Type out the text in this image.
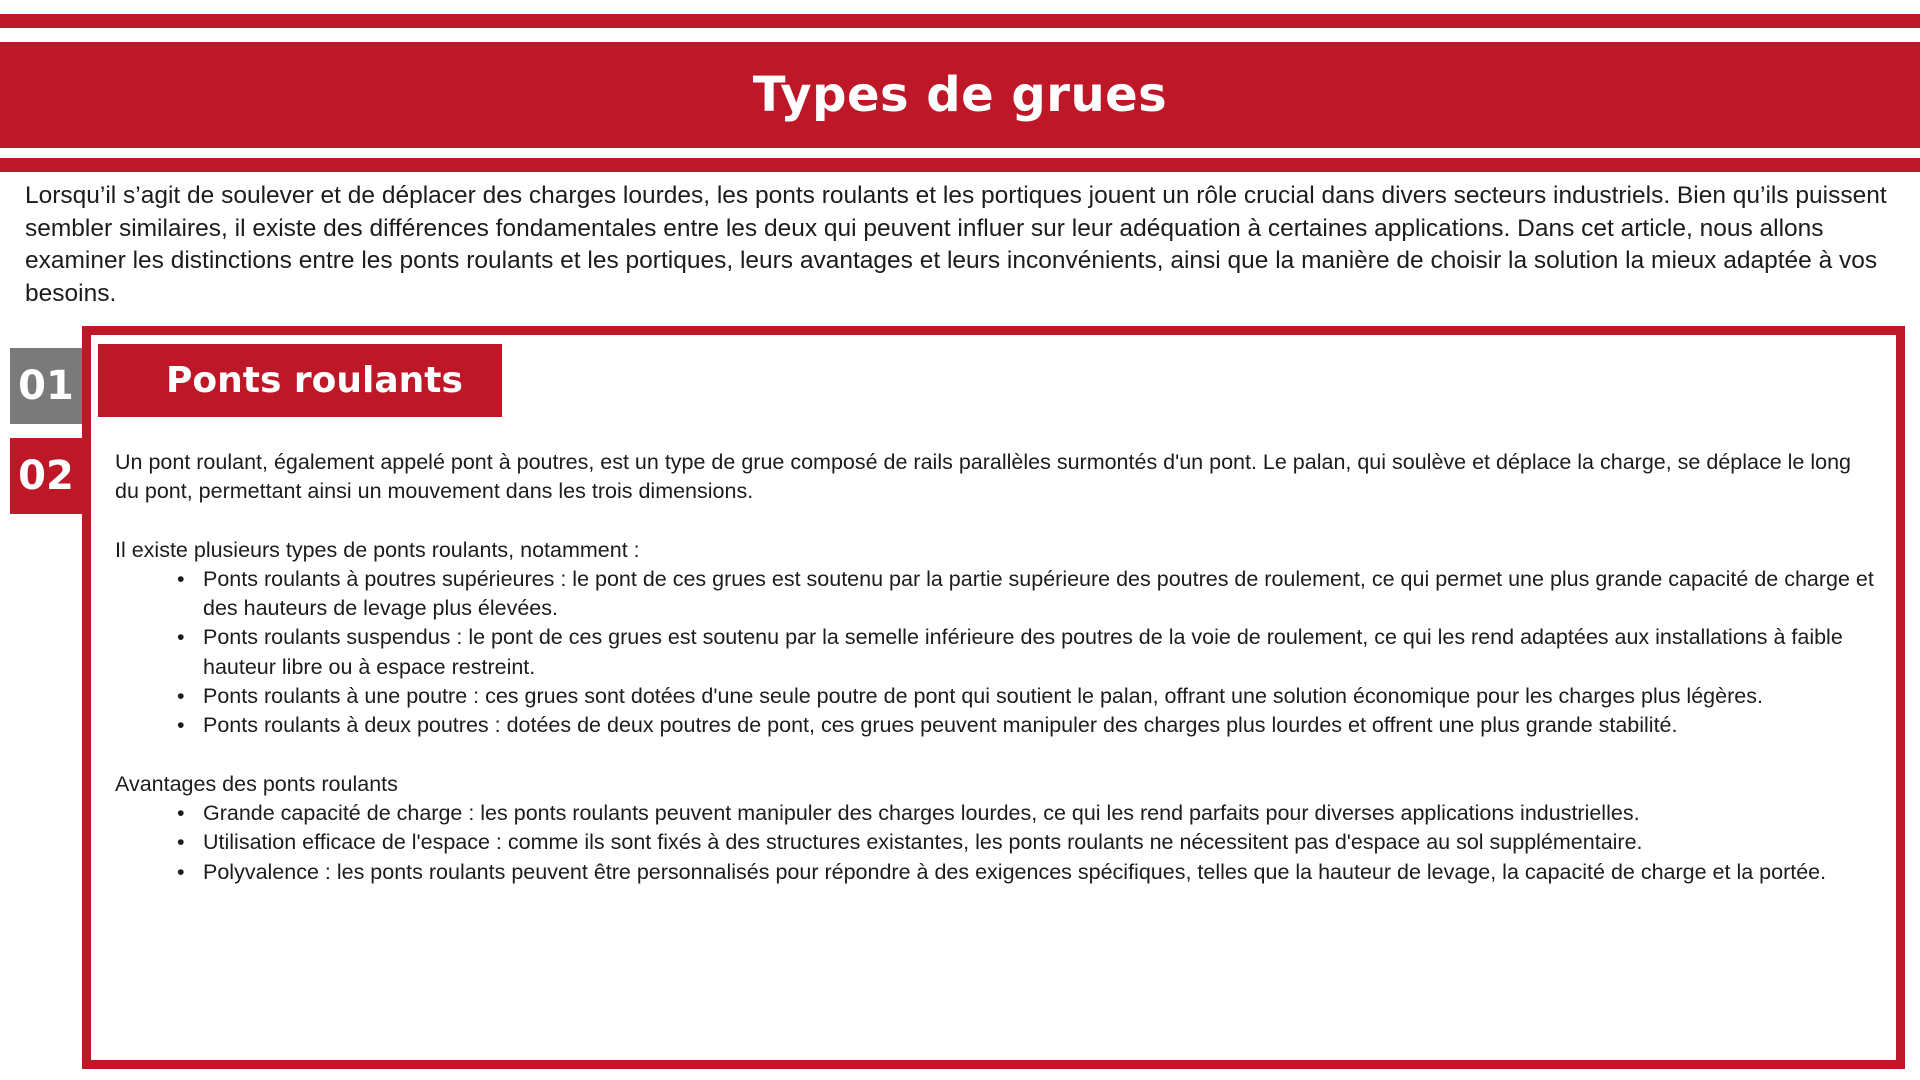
Types de grues

Lorsqu’il s’agit de soulever et de déplacer des charges lourdes, les ponts roulants et les portiques jouent un rôle crucial dans divers secteurs industriels. Bien qu’ils puissent sembler similaires, il existe des différences fondamentales entre les deux qui peuvent influer sur leur adéquation à certaines applications. Dans cet article, nous allons examiner les distinctions entre les ponts roulants et les portiques, leurs avantages et leurs inconvénients, ainsi que la manière de choisir la solution la mieux adaptée à vos besoins.

01
02
Ponts roulants

Un pont roulant, également appelé pont à poutres, est un type de grue composé de rails parallèles surmontés d'un pont. Le palan, qui soulève et déplace la charge, se déplace le long du pont, permettant ainsi un mouvement dans les trois dimensions.

Il existe plusieurs types de ponts roulants, notamment :

• Ponts roulants à poutres supérieures : le pont de ces grues est soutenu par la partie supérieure des poutres de roulement, ce qui permet une plus grande capacité de charge et des hauteurs de levage plus élevées.
• Ponts roulants suspendus : le pont de ces grues est soutenu par la semelle inférieure des poutres de la voie de roulement, ce qui les rend adaptées aux installations à faible hauteur libre ou à espace restreint.
• Ponts roulants à une poutre : ces grues sont dotées d'une seule poutre de pont qui soutient le palan, offrant une solution économique pour les charges plus légères.
• Ponts roulants à deux poutres : dotées de deux poutres de pont, ces grues peuvent manipuler des charges plus lourdes et offrent une plus grande stabilité.

Avantages des ponts roulants

• Grande capacité de charge : les ponts roulants peuvent manipuler des charges lourdes, ce qui les rend parfaits pour diverses applications industrielles.
• Utilisation efficace de l'espace : comme ils sont fixés à des structures existantes, les ponts roulants ne nécessitent pas d'espace au sol supplémentaire.
• Polyvalence : les ponts roulants peuvent être personnalisés pour répondre à des exigences spécifiques, telles que la hauteur de levage, la capacité de charge et la portée.
